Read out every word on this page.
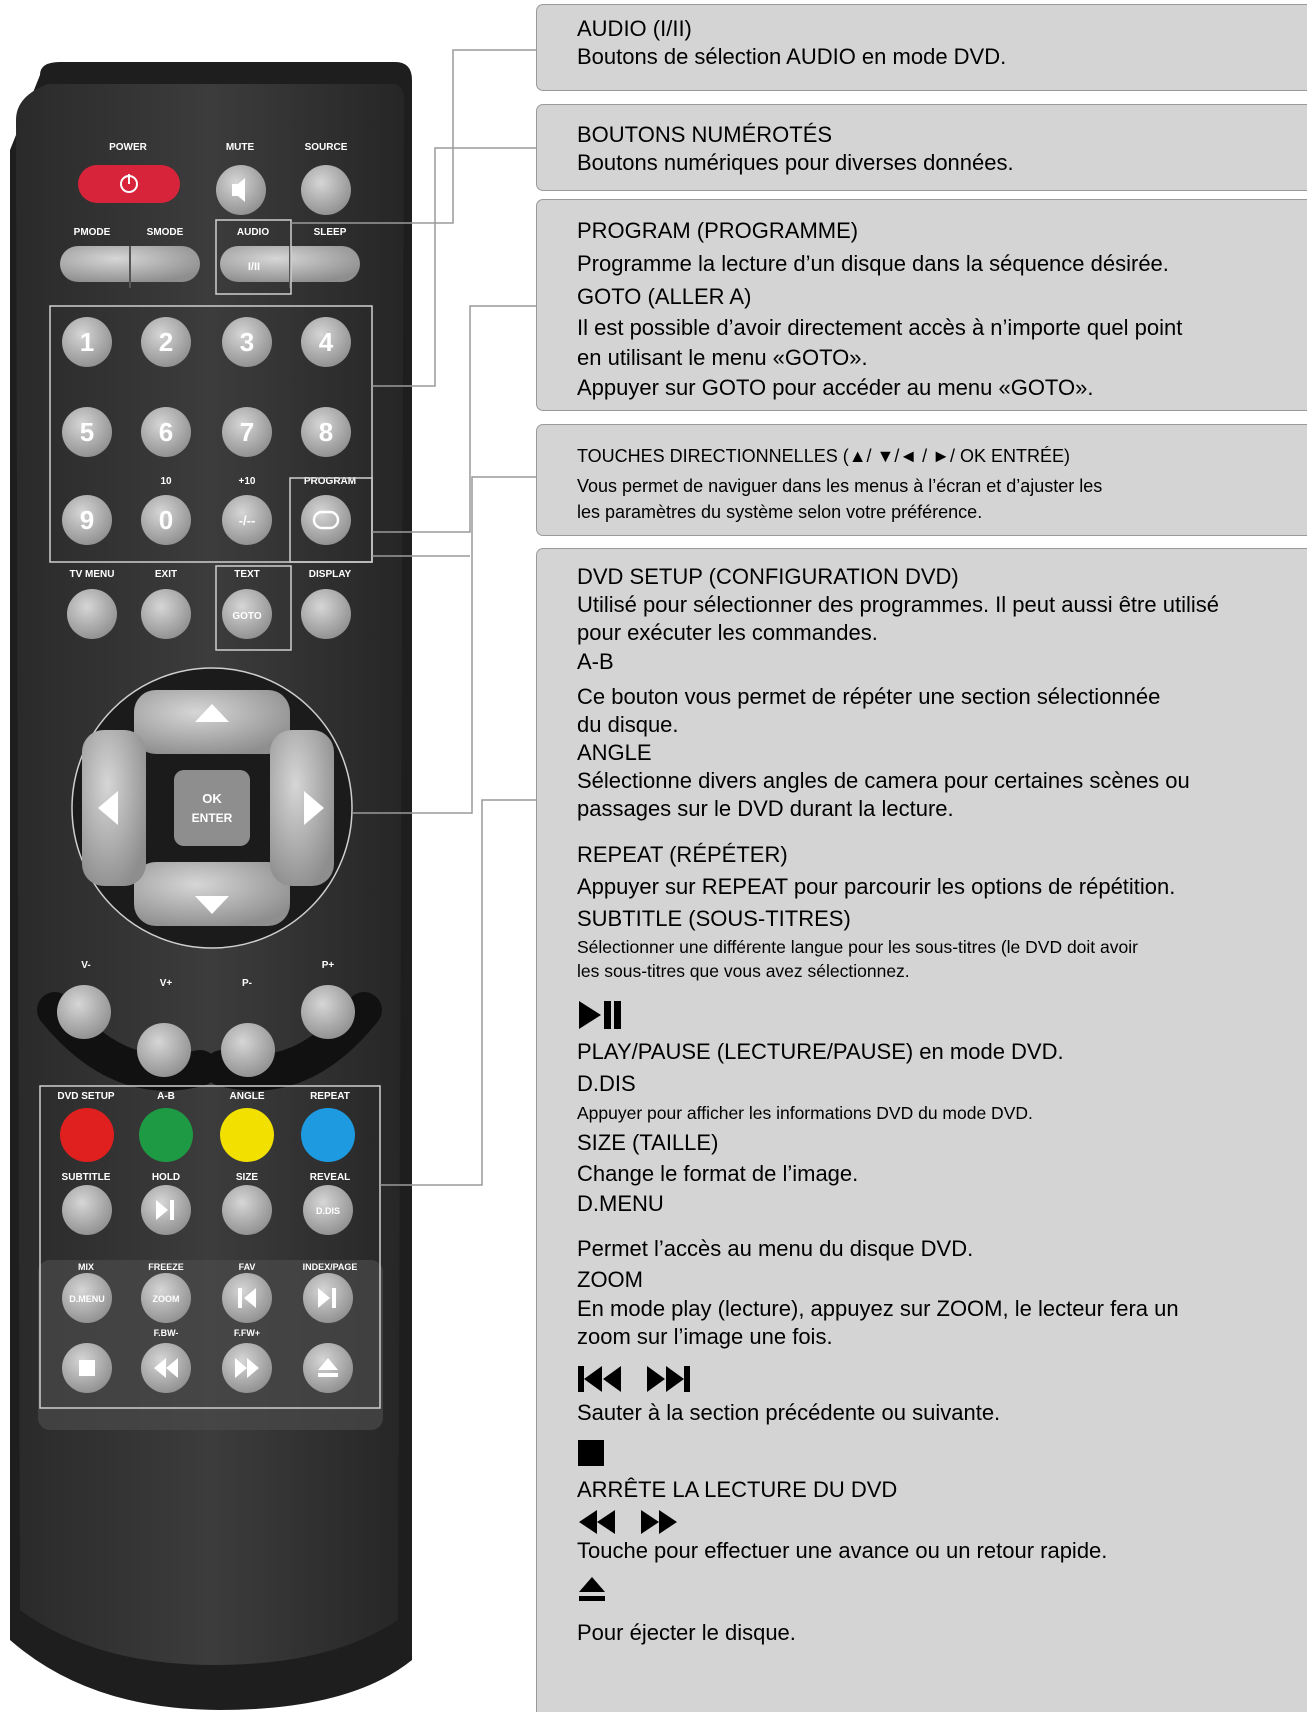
POWER	MUTE	SOURCE
PMODE	SMODE	AUDIO	SLEEP
I/II
1 2	3 4
5 6	7 8
9 0	-/--
10	+10	PROGRAM
TV MENU	EXIT	TEXT	DISPLAY
GOTO
OK
ENTER
V-
V+	P-
P+
DVD SETUP	A-B	ANGLE	REPEAT
SUBTITLE	HOLD	SIZE	REVEAL
D.DIS
MIX	FREEZE	FAV	INDEX/PAGE
D.MENU	ZOOM
F.BW-	F.FW+
AUDIO (I/II)
Boutons de sélection AUDIO en mode DVD.
BOUTONS NUMÉROTÉS
Boutons numériques pour diverses données.
PROGRAM (PROGRAMME)
Programme la lecture d’un disque dans la séquence désirée.
GOTO (ALLER A)
Il est possible d’avoir directement accès à n’importe quel point
en utilisant le menu «GOTO».
Appuyer sur GOTO pour accéder au menu «GOTO».
TOUCHES DIRECTIONNELLES (▲/ ▼/◄ / ►/ OK ENTRÉE)
Vous permet de naviguer dans les menus à l’écran et d’ajuster les
les paramètres du système selon votre préférence.
DVD SETUP (CONFIGURATION DVD)
Utilisé pour sélectionner des programmes. Il peut aussi être utilisé
pour exécuter les commandes.
A-B
Ce bouton vous permet de répéter une section sélectionnée
du disque.
ANGLE
Sélectionne divers angles de camera pour certaines scènes ou
passages sur le DVD durant la lecture.
REPEAT (RÉPÉTER)
Appuyer sur REPEAT pour parcourir les options de répétition.
SUBTITLE (SOUS-TITRES)
Sélectionner une différente langue pour les sous-titres (le DVD doit avoir
les sous-titres que vous avez sélectionnez.
PLAY/PAUSE (LECTURE/PAUSE) en mode DVD.
D.DIS
Appuyer pour afficher les informations DVD du mode DVD.
SIZE (TAILLE)
Change le format de l’image.
D.MENU
Permet l’accès au menu du disque DVD.
ZOOM
En mode play (lecture), appuyez sur ZOOM, le lecteur fera un
zoom sur l’image une fois.
Sauter à la section précédente ou suivante.
ARRÊTE LA LECTURE DU DVD
Touche pour effectuer une avance ou un retour rapide.
Pour éjecter le disque.
